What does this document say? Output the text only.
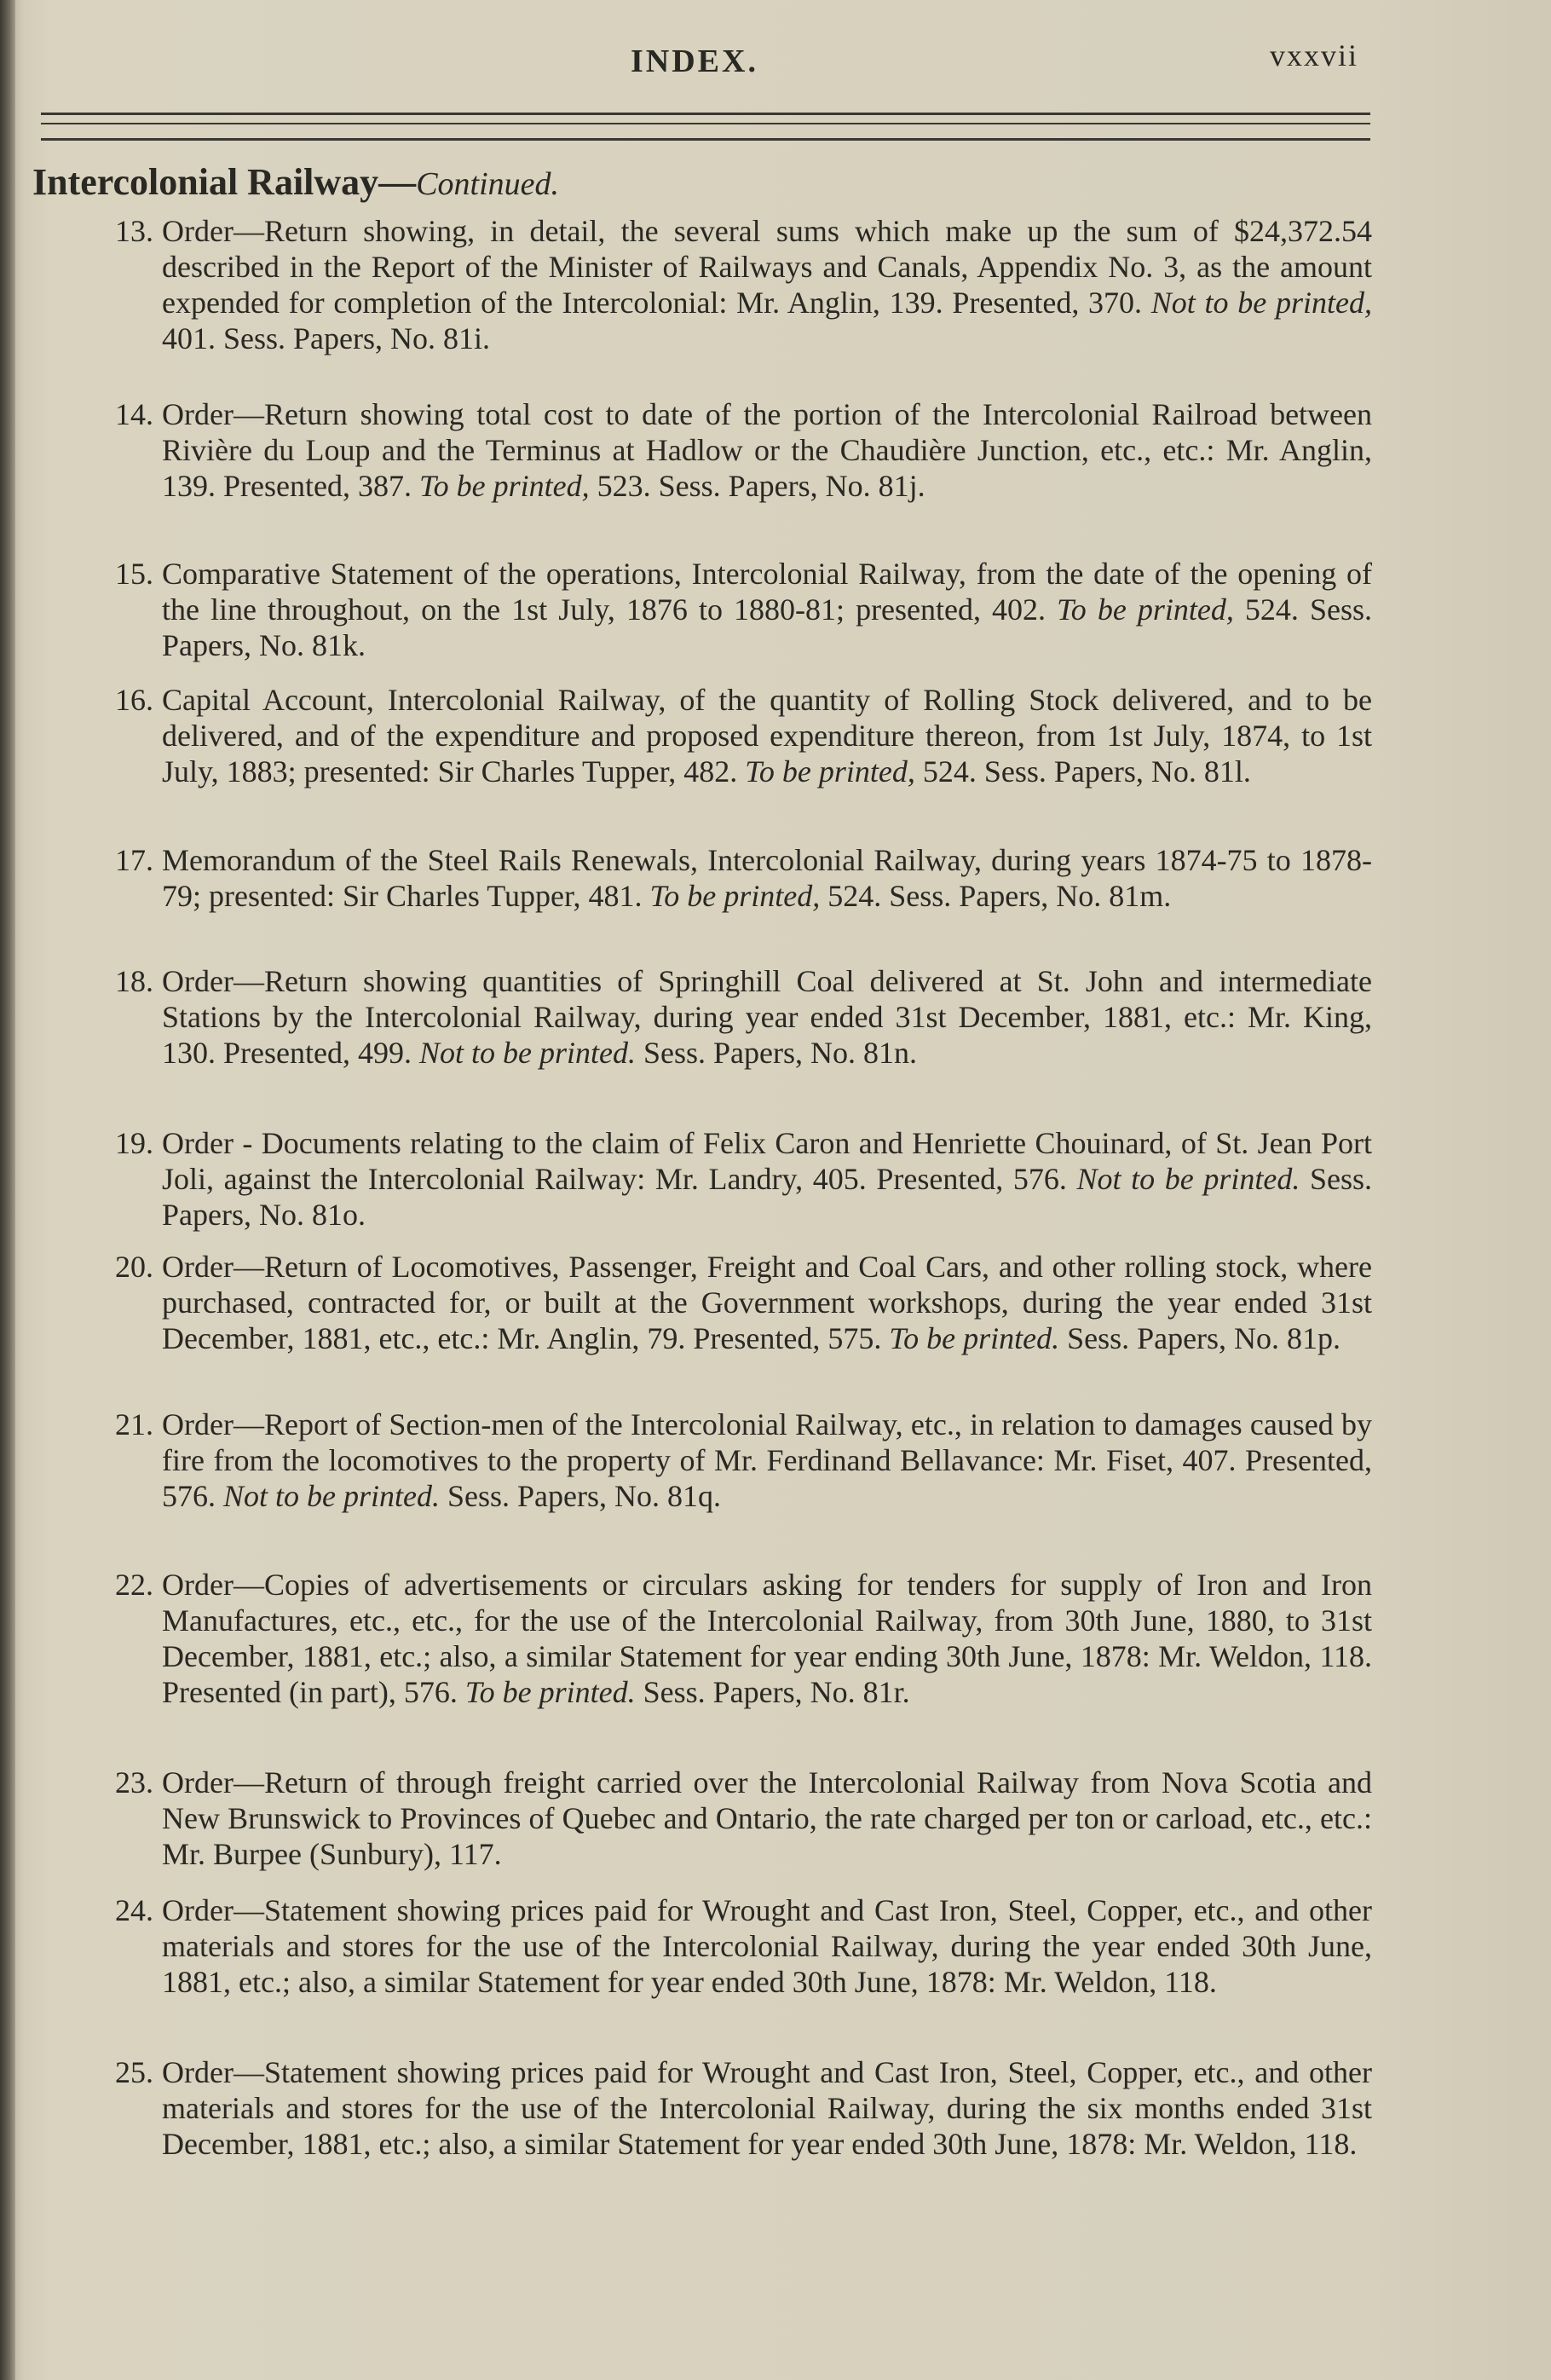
INDEX.	vxxvii
Intercolonial Railway—Continued.
13. Order—Return showing, in detail, the several sums which make up the sum of $24,372.54 described in the Report of the Minister of Railways and Canals, Appendix No. 3, as the amount expended for completion of the Intercolonial: Mr. Anglin, 139. Presented, 370. Not to be printed, 401. Sess. Papers, No. 81i.
14. Order—Return showing total cost to date of the portion of the Intercolonial Railroad between Rivière du Loup and the Terminus at Hadlow or the Chaudière Junction, etc., etc.: Mr. Anglin, 139. Presented, 387. To be printed, 523. Sess. Papers, No. 81j.
15. Comparative Statement of the operations, Intercolonial Railway, from the date of the opening of the line throughout, on the 1st July, 1876 to 1880-81; presented, 402. To be printed, 524. Sess. Papers, No. 81k.
16. Capital Account, Intercolonial Railway, of the quantity of Rolling Stock delivered, and to be delivered, and of the expenditure and proposed expenditure thereon, from 1st July, 1874, to 1st July, 1883; presented: Sir Charles Tupper, 482. To be printed, 524. Sess. Papers, No. 81l.
17. Memorandum of the Steel Rails Renewals, Intercolonial Railway, during years 1874-75 to 1878-79; presented: Sir Charles Tupper, 481. To be printed, 524. Sess. Papers, No. 81m.
18. Order—Return showing quantities of Springhill Coal delivered at St. John and intermediate Stations by the Intercolonial Railway, during year ended 31st December, 1881, etc.: Mr. King, 130. Presented, 499. Not to be printed. Sess. Papers, No. 81n.
19. Order - Documents relating to the claim of Felix Caron and Henriette Chouinard, of St. Jean Port Joli, against the Intercolonial Railway: Mr. Landry, 405. Presented, 576. Not to be printed. Sess. Papers, No. 81o.
20. Order—Return of Locomotives, Passenger, Freight and Coal Cars, and other rolling stock, where purchased, contracted for, or built at the Government workshops, during the year ended 31st December, 1881, etc., etc.: Mr. Anglin, 79. Presented, 575. To be printed. Sess. Papers, No. 81p.
21. Order—Report of Section-men of the Intercolonial Railway, etc., in relation to damages caused by fire from the locomotives to the property of Mr. Ferdinand Bellavance: Mr. Fiset, 407. Presented, 576. Not to be printed. Sess. Papers, No. 81q.
22. Order—Copies of advertisements or circulars asking for tenders for supply of Iron and Iron Manufactures, etc., etc., for the use of the Intercolonial Railway, from 30th June, 1880, to 31st December, 1881, etc.; also, a similar Statement for year ending 30th June, 1878: Mr. Weldon, 118. Presented (in part), 576. To be printed. Sess. Papers, No. 81r.
23. Order—Return of through freight carried over the Intercolonial Railway from Nova Scotia and New Brunswick to Provinces of Quebec and Ontario, the rate charged per ton or carload, etc., etc.: Mr. Burpee (Sunbury), 117.
24. Order—Statement showing prices paid for Wrought and Cast Iron, Steel, Copper, etc., and other materials and stores for the use of the Intercolonial Railway, during the year ended 30th June, 1881, etc.; also, a similar Statement for year ended 30th June, 1878: Mr. Weldon, 118.
25. Order—Statement showing prices paid for Wrought and Cast Iron, Steel, Copper, etc., and other materials and stores for the use of the Intercolonial Railway, during the six months ended 31st December, 1881, etc.; also, a similar Statement for year ended 30th June, 1878: Mr. Weldon, 118.
